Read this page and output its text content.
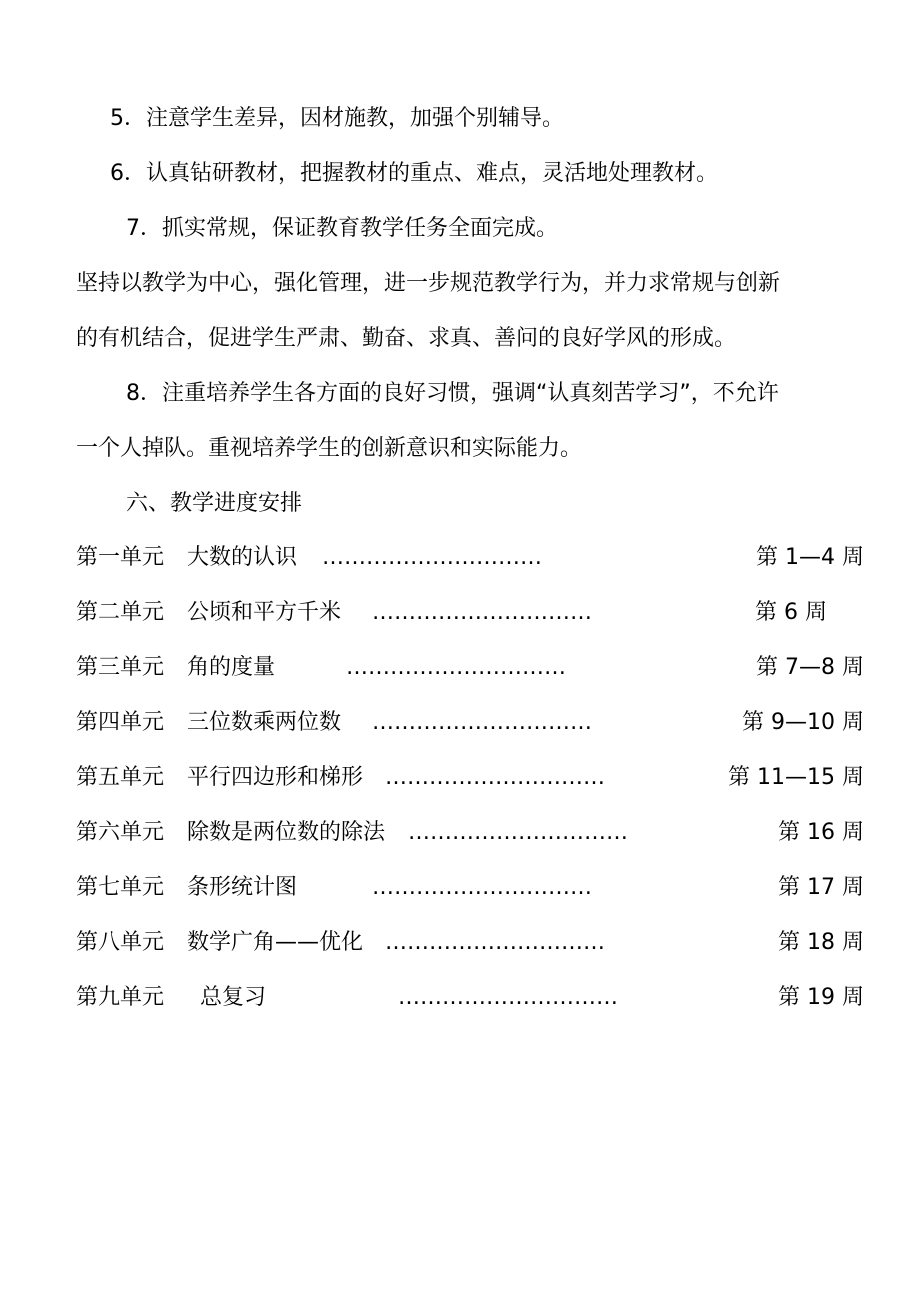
5．注意学生差异，因材施教，加强个别辅导。
6．认真钻研教材，把握教材的重点、难点，灵活地处理教材。
7．抓实常规，保证教育教学任务全面完成。
坚持以教学为中心，强化管理，进一步规范教学行为，并力求常规与创新
的有机结合，促进学生严肃、勤奋、求真、善问的良好学风的形成。
8．注重培养学生各方面的良好习惯，强调“认真刻苦学习”，不允许
一个人掉队。重视培养学生的创新意识和实际能力。
六、教学进度安排
第一单元 大数的认识 …………………………	第 1—4 周
第二单元 公顷和平方千米 …………………………	第 6 周
第三单元 角的度量	…………………………	第 7—8 周
第四单元 三位数乘两位数 …………………………	第 9—10 周
第五单元 平行四边形和梯形 …………………………	第 11—15 周
第六单元 除数是两位数的除法 …………………………	第 16 周
第七单元 条形统计图	…………………………	第 17 周
第八单元 数学广角——优化 …………………………	第 18 周
第九单元 总复习	…………………………	第 19 周
